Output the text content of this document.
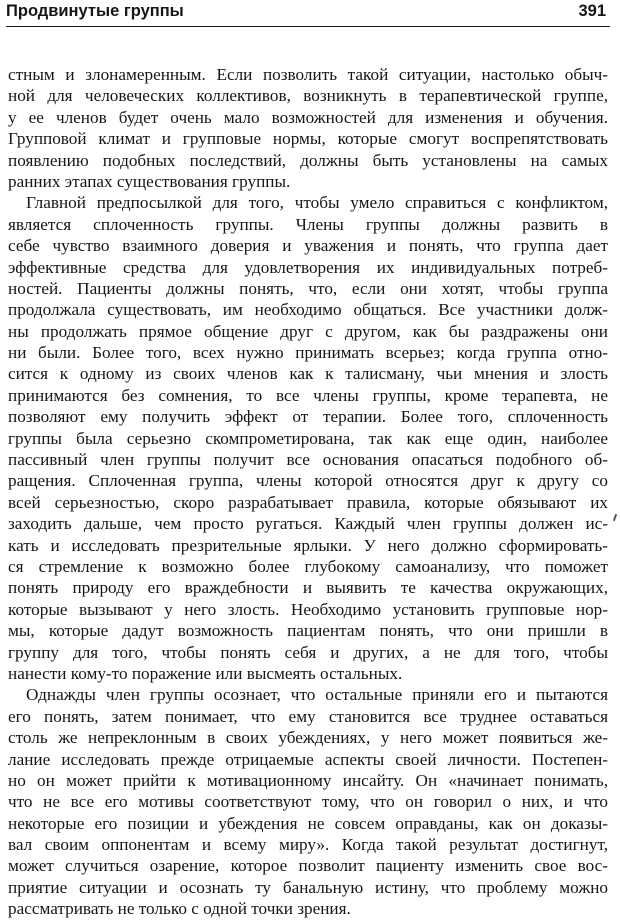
Продвинутые группы	391
стным и злонамеренным. Если позволить такой ситуации, настолько обыч-
ной для человеческих коллективов, возникнуть в терапевтической группе,
у ее членов будет очень мало возможностей для изменения и обучения.
Групповой климат и групповые нормы, которые смогут воспрепятствовать
появлению подобных последствий, должны быть установлены на самых
ранних этапах существования группы.
Главной предпосылкой для того, чтобы умело справиться с конфликтом,
является сплоченность группы. Члены группы должны развить в
себе чувство взаимного доверия и уважения и понять, что группа дает
эффективные средства для удовлетворения их индивидуальных потреб-
ностей. Пациенты должны понять, что, если они хотят, чтобы группа
продолжала существовать, им необходимо общаться. Все участники долж-
ны продолжать прямое общение друг с другом, как бы раздражены они
ни были. Более того, всех нужно принимать всерьез; когда группа отно-
сится к одному из своих членов как к талисману, чьи мнения и злость
принимаются без сомнения, то все члены группы, кроме терапевта, не
позволяют ему получить эффект от терапии. Более того, сплоченность
группы была серьезно скомпрометирована, так как еще один, наиболее
пассивный член группы получит все основания опасаться подобного об-
ращения. Сплоченная группа, члены которой относятся друг к другу со
всей серьезностью, скоро разрабатывает правила, которые обязывают их
заходить дальше, чем просто ругаться. Каждый член группы должен ис-
кать и исследовать презрительные ярлыки. У него должно сформировать-
ся стремление к возможно более глубокому самоанализу, что поможет
понять природу его враждебности и выявить те качества окружающих,
которые вызывают у него злость. Необходимо установить групповые нор-
мы, которые дадут возможность пациентам понять, что они пришли в
группу для того, чтобы понять себя и других, а не для того, чтобы
нанести кому-то поражение или высмеять остальных.
Однажды член группы осознает, что остальные приняли его и пытаются
его понять, затем понимает, что ему становится все труднее оставаться
столь же непреклонным в своих убеждениях, у него может появиться же-
лание исследовать прежде отрицаемые аспекты своей личности. Постепен-
но он может прийти к мотивационному инсайту. Он «начинает понимать,
что не все его мотивы соответствуют тому, что он говорил о них, и что
некоторые его позиции и убеждения не совсем оправданы, как он доказы-
вал своим оппонентам и всему миру». Когда такой результат достигнут,
может случиться озарение, которое позволит пациенту изменить свое вос-
приятие ситуации и осознать ту банальную истину, что проблему можно
рассматривать не только с одной точки зрения.
